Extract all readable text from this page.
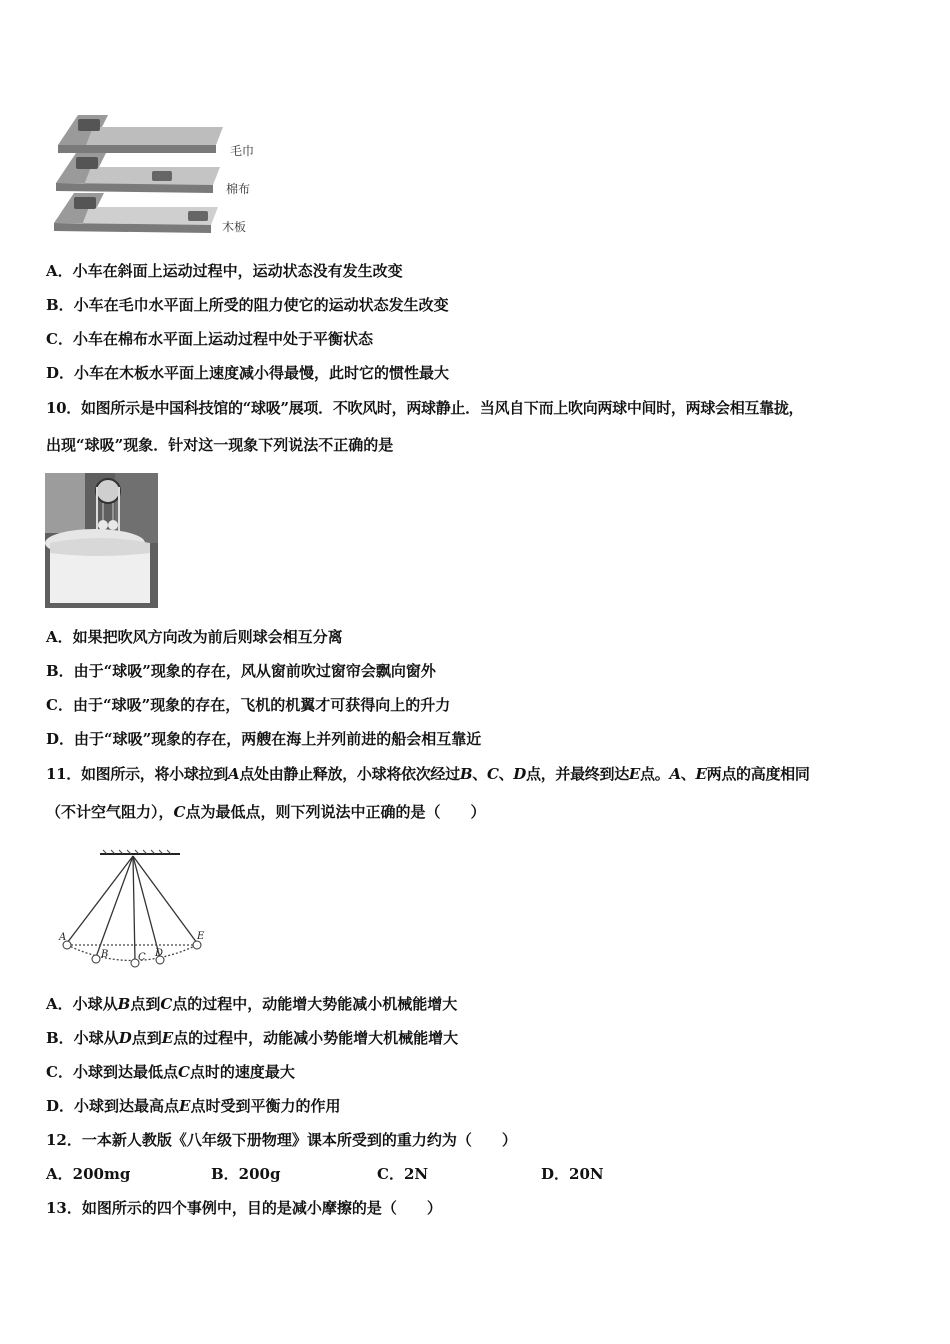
毛巾
棉布
木板
A．小车在斜面上运动过程中，运动状态没有发生改变
B．小车在毛巾水平面上所受的阻力使它的运动状态发生改变
C．小车在棉布水平面上运动过程中处于平衡状态
D．小车在木板水平面上速度减小得最慢，此时它的惯性最大
10．如图所示是中国科技馆的“球吸”展项．不吹风时，两球静止．当风自下而上吹向两球中间时，两球会相互靠拢，
出现“球吸”现象．针对这一现象下列说法不正确的是
A．如果把吹风方向改为前后则球会相互分离
B．由于“球吸”现象的存在，风从窗前吹过窗帘会飘向窗外
C．由于“球吸”现象的存在，飞机的机翼才可获得向上的升力
D．由于“球吸”现象的存在，两艘在海上并列前进的船会相互靠近
11．如图所示，将小球拉到A点处由静止释放，小球将依次经过B、C、D点，并最终到达E点。A、E两点的高度相同
（不计空气阻力），C点为最低点，则下列说法中正确的是（　　）
A
B	C D
E
A．小球从B点到C点的过程中，动能增大势能减小机械能增大
B．小球从D点到E点的过程中，动能减小势能增大机械能增大
C．小球到达最低点C点时的速度最大
D．小球到达最高点E点时受到平衡力的作用
12．一本新人教版《八年级下册物理》课本所受到的重力约为（　　）
A．200mg	B．200g	C．2N	D．20N
13．如图所示的四个事例中，目的是减小摩擦的是（　　）
